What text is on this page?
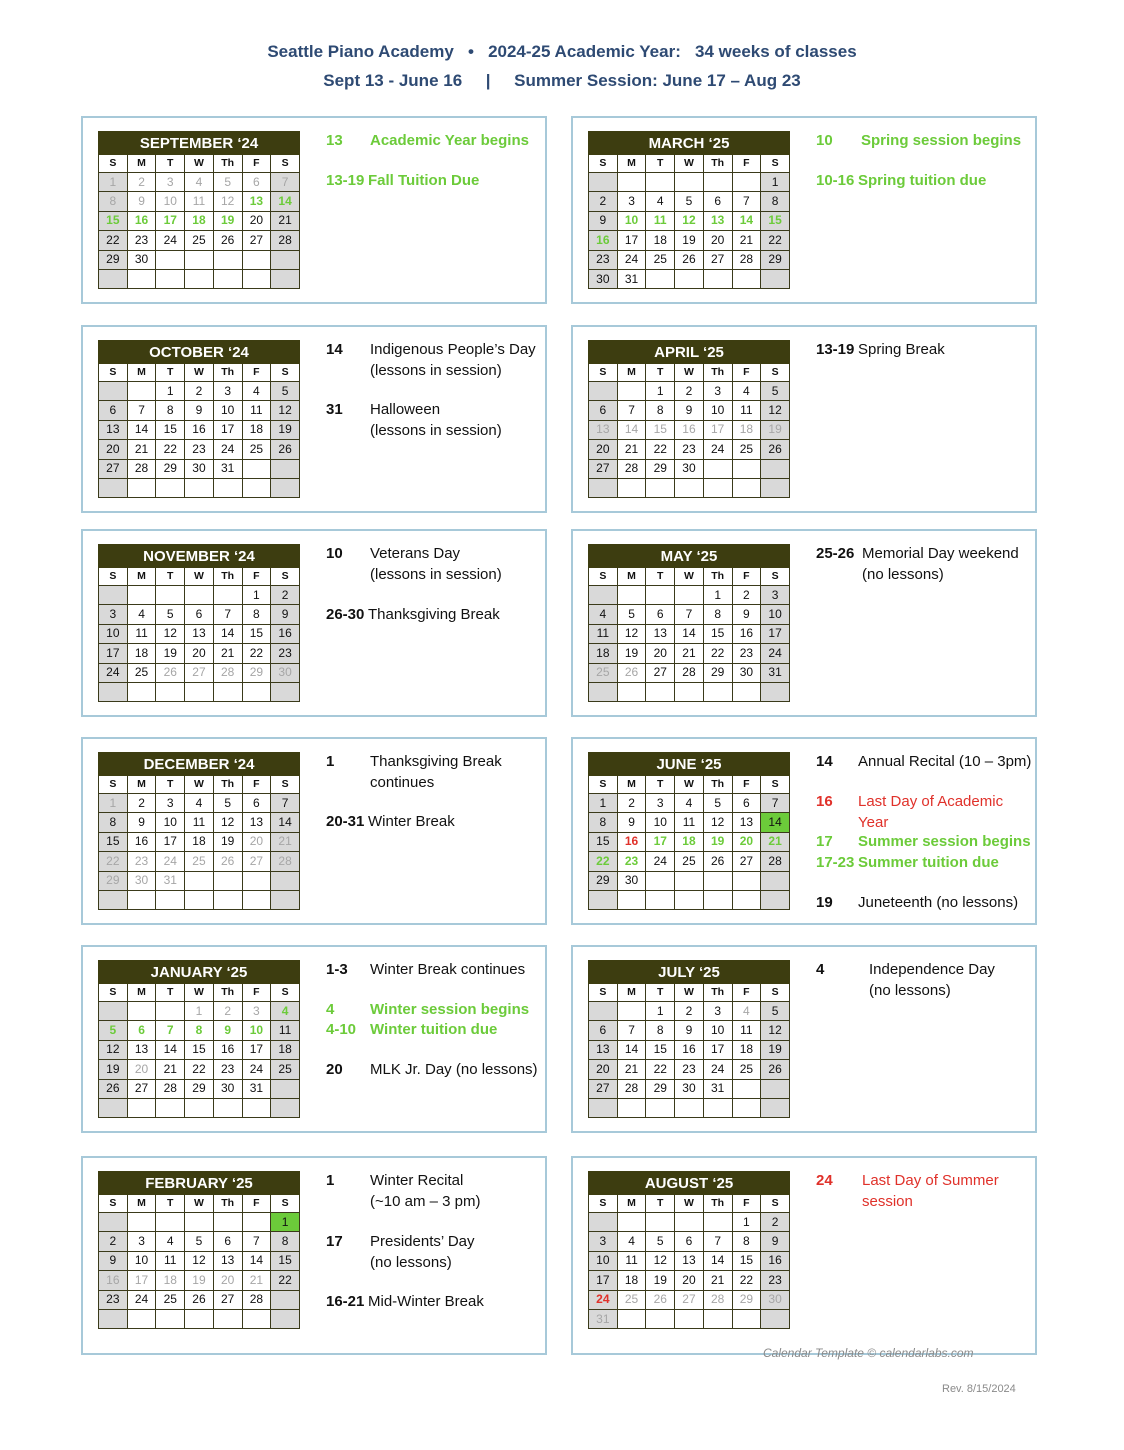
Seattle Piano Academy   •   2024-25 Academic Year:   34 weeks of classes
Sept 13 - June 16     |     Summer Session: June 17 – Aug 23
SEPTEMBER ‘24						
S	M	T	W	Th	F	S
1	2	3	4	5	6	7
8	9	10	11	12	13	14
15	16	17	18	19	20	21
22	23	24	25	26	27	28
29	30					

13 Academic Year begins
13-19 Fall Tuition Due
MARCH ‘25						
S	M	T	W	Th	F	S
						1
2	3	4	5	6	7	8
9	10	11	12	13	14	15
16	17	18	19	20	21	22
23	24	25	26	27	28	29
30	31					
10 Spring session begins
10-16 Spring tuition due
OCTOBER ‘24						
S	M	T	W	Th	F	S
		1	2	3	4	5
6	7	8	9	10	11	12
13	14	15	16	17	18	19
20	21	22	23	24	25	26
27	28	29	30	31		

14 Indigenous People’s Day
(lessons in session)
31 Halloween
(lessons in session)
APRIL ‘25						
S	M	T	W	Th	F	S
		1	2	3	4	5
6	7	8	9	10	11	12
13	14	15	16	17	18	19
20	21	22	23	24	25	26
27	28	29	30			

13-19 Spring Break
NOVEMBER ‘24						
S	M	T	W	Th	F	S
					1	2
3	4	5	6	7	8	9
10	11	12	13	14	15	16
17	18	19	20	21	22	23
24	25	26	27	28	29	30

10 Veterans Day
(lessons in session)
26-30 Thanksgiving Break
MAY ‘25						
S	M	T	W	Th	F	S
				1	2	3
4	5	6	7	8	9	10
11	12	13	14	15	16	17
18	19	20	21	22	23	24
25	26	27	28	29	30	31

25-26 Memorial Day weekend
(no lessons)
DECEMBER ‘24						
S	M	T	W	Th	F	S
1	2	3	4	5	6	7
8	9	10	11	12	13	14
15	16	17	18	19	20	21
22	23	24	25	26	27	28
29	30	31				

1 Thanksgiving Break
continues
20-31 Winter Break
JUNE ‘25						
S	M	T	W	Th	F	S
1	2	3	4	5	6	7
8	9	10	11	12	13	14
15	16	17	18	19	20	21
22	23	24	25	26	27	28
29	30					

14 Annual Recital (10 – 3pm)
16 Last Day of Academic Year
17 Summer session begins
17-23 Summer tuition due
19 Juneteenth (no lessons)
JANUARY ‘25						
S	M	T	W	Th	F	S
			1	2	3	4
5	6	7	8	9	10	11
12	13	14	15	16	17	18
19	20	21	22	23	24	25
26	27	28	29	30	31	

1-3 Winter Break continues
4 Winter session begins
4-10 Winter tuition due
20 MLK Jr. Day (no lessons)
JULY ‘25						
S	M	T	W	Th	F	S
		1	2	3	4	5
6	7	8	9	10	11	12
13	14	15	16	17	18	19
20	21	22	23	24	25	26
27	28	29	30	31		

4	Independence Day
(no lessons)
FEBRUARY ‘25						
S	M	T	W	Th	F	S
						1
2	3	4	5	6	7	8
9	10	11	12	13	14	15
16	17	18	19	20	21	22
23	24	25	26	27	28	

1 Winter Recital
(~10 am – 3 pm)
17 Presidents’ Day
(no lessons)
16-21 Mid-Winter Break
AUGUST ‘25						
S	M	T	W	Th	F	S
					1	2
3	4	5	6	7	8	9
10	11	12	13	14	15	16
17	18	19	20	21	22	23
24	25	26	27	28	29	30
31						
24 Last Day of Summer
session
Calendar Template © calendarlabs.com
Rev. 8/15/2024
